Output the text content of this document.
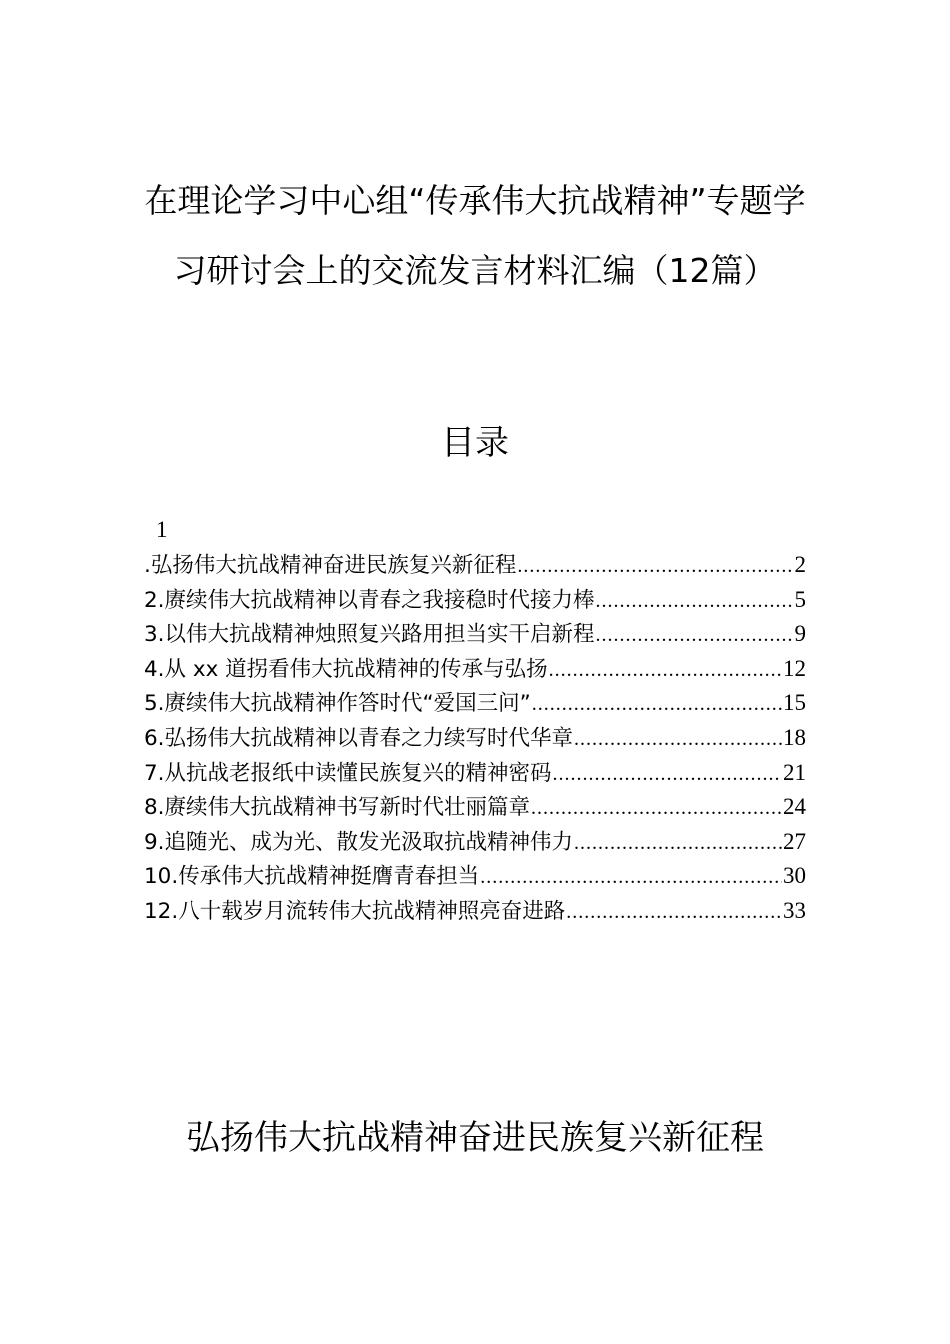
在理论学习中心组“传承伟大抗战精神”专题学习研讨会上的交流发言材料汇编（12篇）
目录
1
.弘扬伟大抗战精神奋进民族复兴新征程 .....	2
2.赓续伟大抗战精神以青春之我接稳时代接力棒 .....	5
3.以伟大抗战精神烛照复兴路用担当实干启新程 .....	9
4.从 xx 道拐看伟大抗战精神的传承与弘扬 .....	12
5.赓续伟大抗战精神作答时代“爱国三问” .....	15
6.弘扬伟大抗战精神以青春之力续写时代华章 .....	18
7.从抗战老报纸中读懂民族复兴的精神密码 .....	21
8.赓续伟大抗战精神书写新时代壮丽篇章 .....	24
9.追随光、成为光、散发光汲取抗战精神伟力 .....	27
10.传承伟大抗战精神挺膺青春担当 .....	30
12.八十载岁月流转伟大抗战精神照亮奋进路 .....	33
弘扬伟大抗战精神奋进民族复兴新征程
